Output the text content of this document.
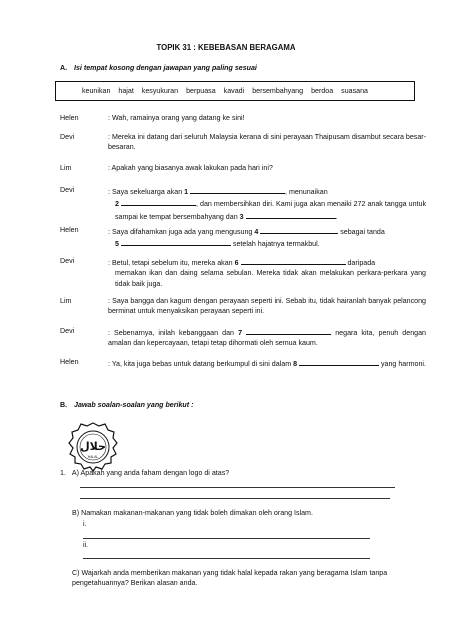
TOPIK 31 : KEBEBASAN BERAGAMA
A. Isi tempat kosong dengan jawapan yang paling sesuai
keunikan hajat kesyukuran berpuasa kavadi bersembahyang berdoa suasana
Helen	: Wah, ramainya orang yang datang ke sini!
Devi	: Mereka ini datang dari seluruh Malaysia kerana di sini perayaan Thaipusam disambut secara besar-besaran.
Lim	: Apakah yang biasanya awak lakukan pada hari ini?
Devi	: Saya sekeluarga akan 1	, menunaikan
2	, dan membersihkan diri. Kami juga akan menaiki 272 anak tangga untuk sampai ke tempat bersembahyang dan 3	.
Helen	: Saya difahamkan juga ada yang mengusung 4	sebagai tanda
5	setelah hajatnya termakbul.
Devi	: Betul, tetapi sebelum itu, mereka akan 6	daripada
memakan ikan dan daing selama sebulan. Mereka tidak akan melakukan perkara-perkara yang tidak baik juga.
Lim	: Saya bangga dan kagum dengan perayaan seperti ini. Sebab itu, tidak hairanlah banyak pelancong berminat untuk menyaksikan perayaan seperti ini.
Devi	: Sebenarnya, inilah kebanggaan dan 7	negara kita, penuh dengan amalan dan kepercayaan, tetapi tetap dihormati oleh semua kaum.
Helen	: Ya, kita juga bebas untuk datang berkumpul di sini dalam 8	yang harmoni.
B. Jawab soalan-soalan yang berikut :
حلال
HALAL
1. A) Apakah yang anda faham dengan logo di atas?
B) Namakan makanan-makanan yang tidak boleh dimakan oleh orang Islam.
i.
ii.
C) Wajarkah anda memberikan makanan yang tidak halal kepada rakan yang beragama Islam tanpa pengetahuannya? Berikan alasan anda.
